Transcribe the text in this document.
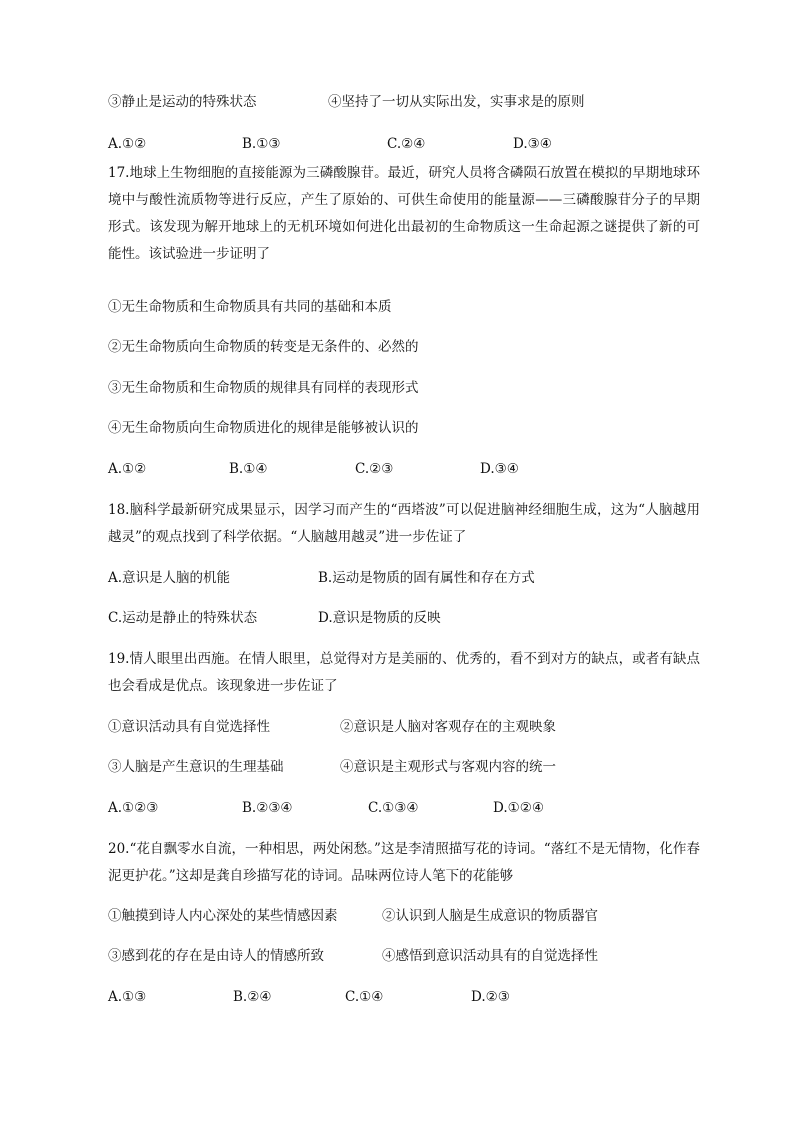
③静止是运动的特殊状态	④坚持了一切从实际出发，实事求是的原则
A.①②	B.①③	C.②④	D.③④
17.地球上生物细胞的直接能源为三磷酸腺苷。最近，研究人员将含磷陨石放置在模拟的早期地球环境中与酸性流质物等进行反应，产生了原始的、可供生命使用的能量源——三磷酸腺苷分子的早期形式。该发现为解开地球上的无机环境如何进化出最初的生命物质这一生命起源之谜提供了新的可能性。该试验进一步证明了
①无生命物质和生命物质具有共同的基础和本质
②无生命物质向生命物质的转变是无条件的、必然的
③无生命物质和生命物质的规律具有同样的表现形式
④无生命物质向生命物质进化的规律是能够被认识的
A.①②	B.①④	C.②③	D.③④
18.脑科学最新研究成果显示，因学习而产生的“西塔波”可以促进脑神经细胞生成，这为“人脑越用越灵”的观点找到了科学依据。“人脑越用越灵”进一步佐证了
A.意识是人脑的机能	B.运动是物质的固有属性和存在方式
C.运动是静止的特殊状态	D.意识是物质的反映
19.情人眼里出西施。在情人眼里，总觉得对方是美丽的、优秀的，看不到对方的缺点，或者有缺点也会看成是优点。该现象进一步佐证了
①意识活动具有自觉选择性	②意识是人脑对客观存在的主观映象
③人脑是产生意识的生理基础	④意识是主观形式与客观内容的统一
A.①②③	B.②③④	C.①③④	D.①②④
20.“花自飘零水自流，一种相思，两处闲愁。”这是李清照描写花的诗词。“落红不是无情物，化作春泥更护花。”这却是龚自珍描写花的诗词。品味两位诗人笔下的花能够
①触摸到诗人内心深处的某些情感因素	②认识到人脑是生成意识的物质器官
③感到花的存在是由诗人的情感所致	④感悟到意识活动具有的自觉选择性
A.①③	B.②④	C.①④	D.②③
